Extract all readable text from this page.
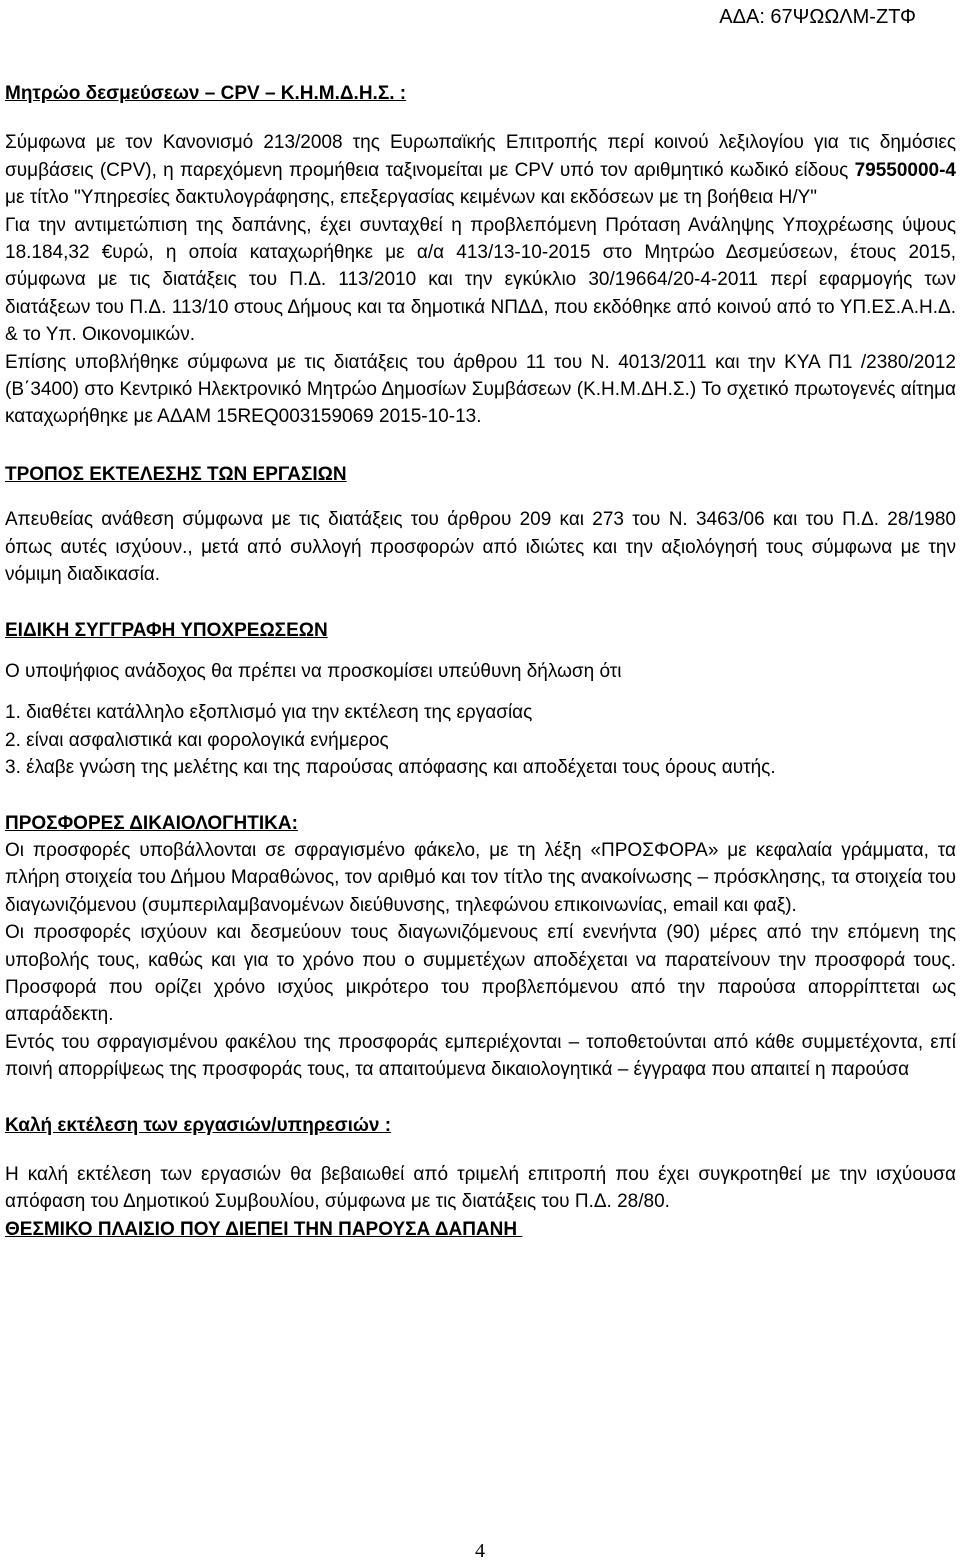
ΑΔΑ: 67ΨΩΩΛΜ-ΖΤΦ

Μητρώο δεσμεύσεων – CPV – Κ.Η.Μ.Δ.Η.Σ. :

Σύμφωνα με τον Κανονισμό 213/2008 της Ευρωπαϊκής Επιτροπής περί κοινού λεξιλογίου για τις δημόσιες συμβάσεις (CPV), η παρεχόμενη προμήθεια ταξινομείται με CPV υπό τον αριθμητικό κωδικό είδους 79550000-4 με τίτλο "Υπηρεσίες δακτυλογράφησης, επεξεργασίας κειμένων και εκδόσεων με τη βοήθεια Η/Υ"

Για την αντιμετώπιση της δαπάνης, έχει συνταχθεί η προβλεπόμενη Πρόταση Ανάληψης Υποχρέωσης ύψους 18.184,32 €υρώ, η οποία καταχωρήθηκε με α/α 413/13-10-2015 στο Μητρώο Δεσμεύσεων, έτους 2015, σύμφωνα με τις διατάξεις του Π.Δ. 113/2010 και την εγκύκλιο 30/19664/20-4-2011 περί εφαρμογής των διατάξεων του Π.Δ. 113/10 στους Δήμους και τα δημοτικά ΝΠΔΔ, που εκδόθηκε από κοινού από το ΥΠ.ΕΣ.Α.Η.Δ. & το Υπ. Οικονομικών.

Επίσης υποβλήθηκε σύμφωνα με τις διατάξεις του άρθρου 11 του Ν. 4013/2011 και την ΚΥΑ Π1 /2380/2012 (Β΄3400) στο Κεντρικό Ηλεκτρονικό Μητρώο Δημοσίων Συμβάσεων (Κ.Η.Μ.ΔΗ.Σ.) Το σχετικό πρωτογενές αίτημα καταχωρήθηκε με ΑΔΑΜ 15REQ003159069 2015-10-13.

ΤΡΟΠΟΣ ΕΚΤΕΛΕΣΗΣ ΤΩΝ ΕΡΓΑΣΙΩΝ

Απευθείας ανάθεση σύμφωνα με τις διατάξεις του άρθρου 209 και 273 του Ν. 3463/06 και του Π.Δ. 28/1980 όπως αυτές ισχύουν., μετά από συλλογή προσφορών από ιδιώτες και την αξιολόγησή τους σύμφωνα με την νόμιμη διαδικασία.

ΕΙΔΙΚΗ ΣΥΓΓΡΑΦΗ ΥΠΟΧΡΕΩΣΕΩΝ

Ο υποψήφιος ανάδοχος θα πρέπει να προσκομίσει υπεύθυνη δήλωση ότι

1. διαθέτει κατάλληλο εξοπλισμό για την εκτέλεση της εργασίας

2. είναι ασφαλιστικά και φορολογικά ενήμερος

3. έλαβε γνώση της μελέτης και της παρούσας απόφασης και αποδέχεται τους όρους αυτής.

ΠΡΟΣΦΟΡΕΣ ΔΙΚΑΙΟΛΟΓΗΤΙΚΑ:

Οι προσφορές υποβάλλονται σε σφραγισμένο φάκελο, με τη λέξη «ΠΡΟΣΦΟΡΑ» με κεφαλαία γράμματα, τα πλήρη στοιχεία του Δήμου Μαραθώνος, τον αριθμό και τον τίτλο της ανακοίνωσης – πρόσκλησης, τα στοιχεία του διαγωνιζόμενου (συμπεριλαμβανομένων διεύθυνσης, τηλεφώνου επικοινωνίας, email και φαξ).

Οι προσφορές ισχύουν και δεσμεύουν τους διαγωνιζόμενους επί ενενήντα (90) μέρες από την επόμενη της υποβολής τους, καθώς και για το χρόνο που ο συμμετέχων αποδέχεται να παρατείνουν την προσφορά τους. Προσφορά που ορίζει χρόνο ισχύος μικρότερο του προβλεπόμενου από την παρούσα απορρίπτεται ως απαράδεκτη.

Εντός του σφραγισμένου φακέλου της προσφοράς εμπεριέχονται – τοποθετούνται από κάθε συμμετέχοντα, επί ποινή απορρίψεως της προσφοράς τους, τα απαιτούμενα δικαιολογητικά – έγγραφα που απαιτεί η παρούσα

Καλή εκτέλεση των εργασιών/υπηρεσιών :

Η καλή εκτέλεση των εργασιών θα βεβαιωθεί από τριμελή επιτροπή που έχει συγκροτηθεί με την ισχύουσα απόφαση του Δημοτικού Συμβουλίου, σύμφωνα με τις διατάξεις του Π.Δ. 28/80.

ΘΕΣΜΙΚΟ ΠΛΑΙΣΙΟ ΠΟΥ ΔΙΕΠΕΙ ΤΗΝ ΠΑΡΟΥΣΑ ΔΑΠΑΝΗ

4
